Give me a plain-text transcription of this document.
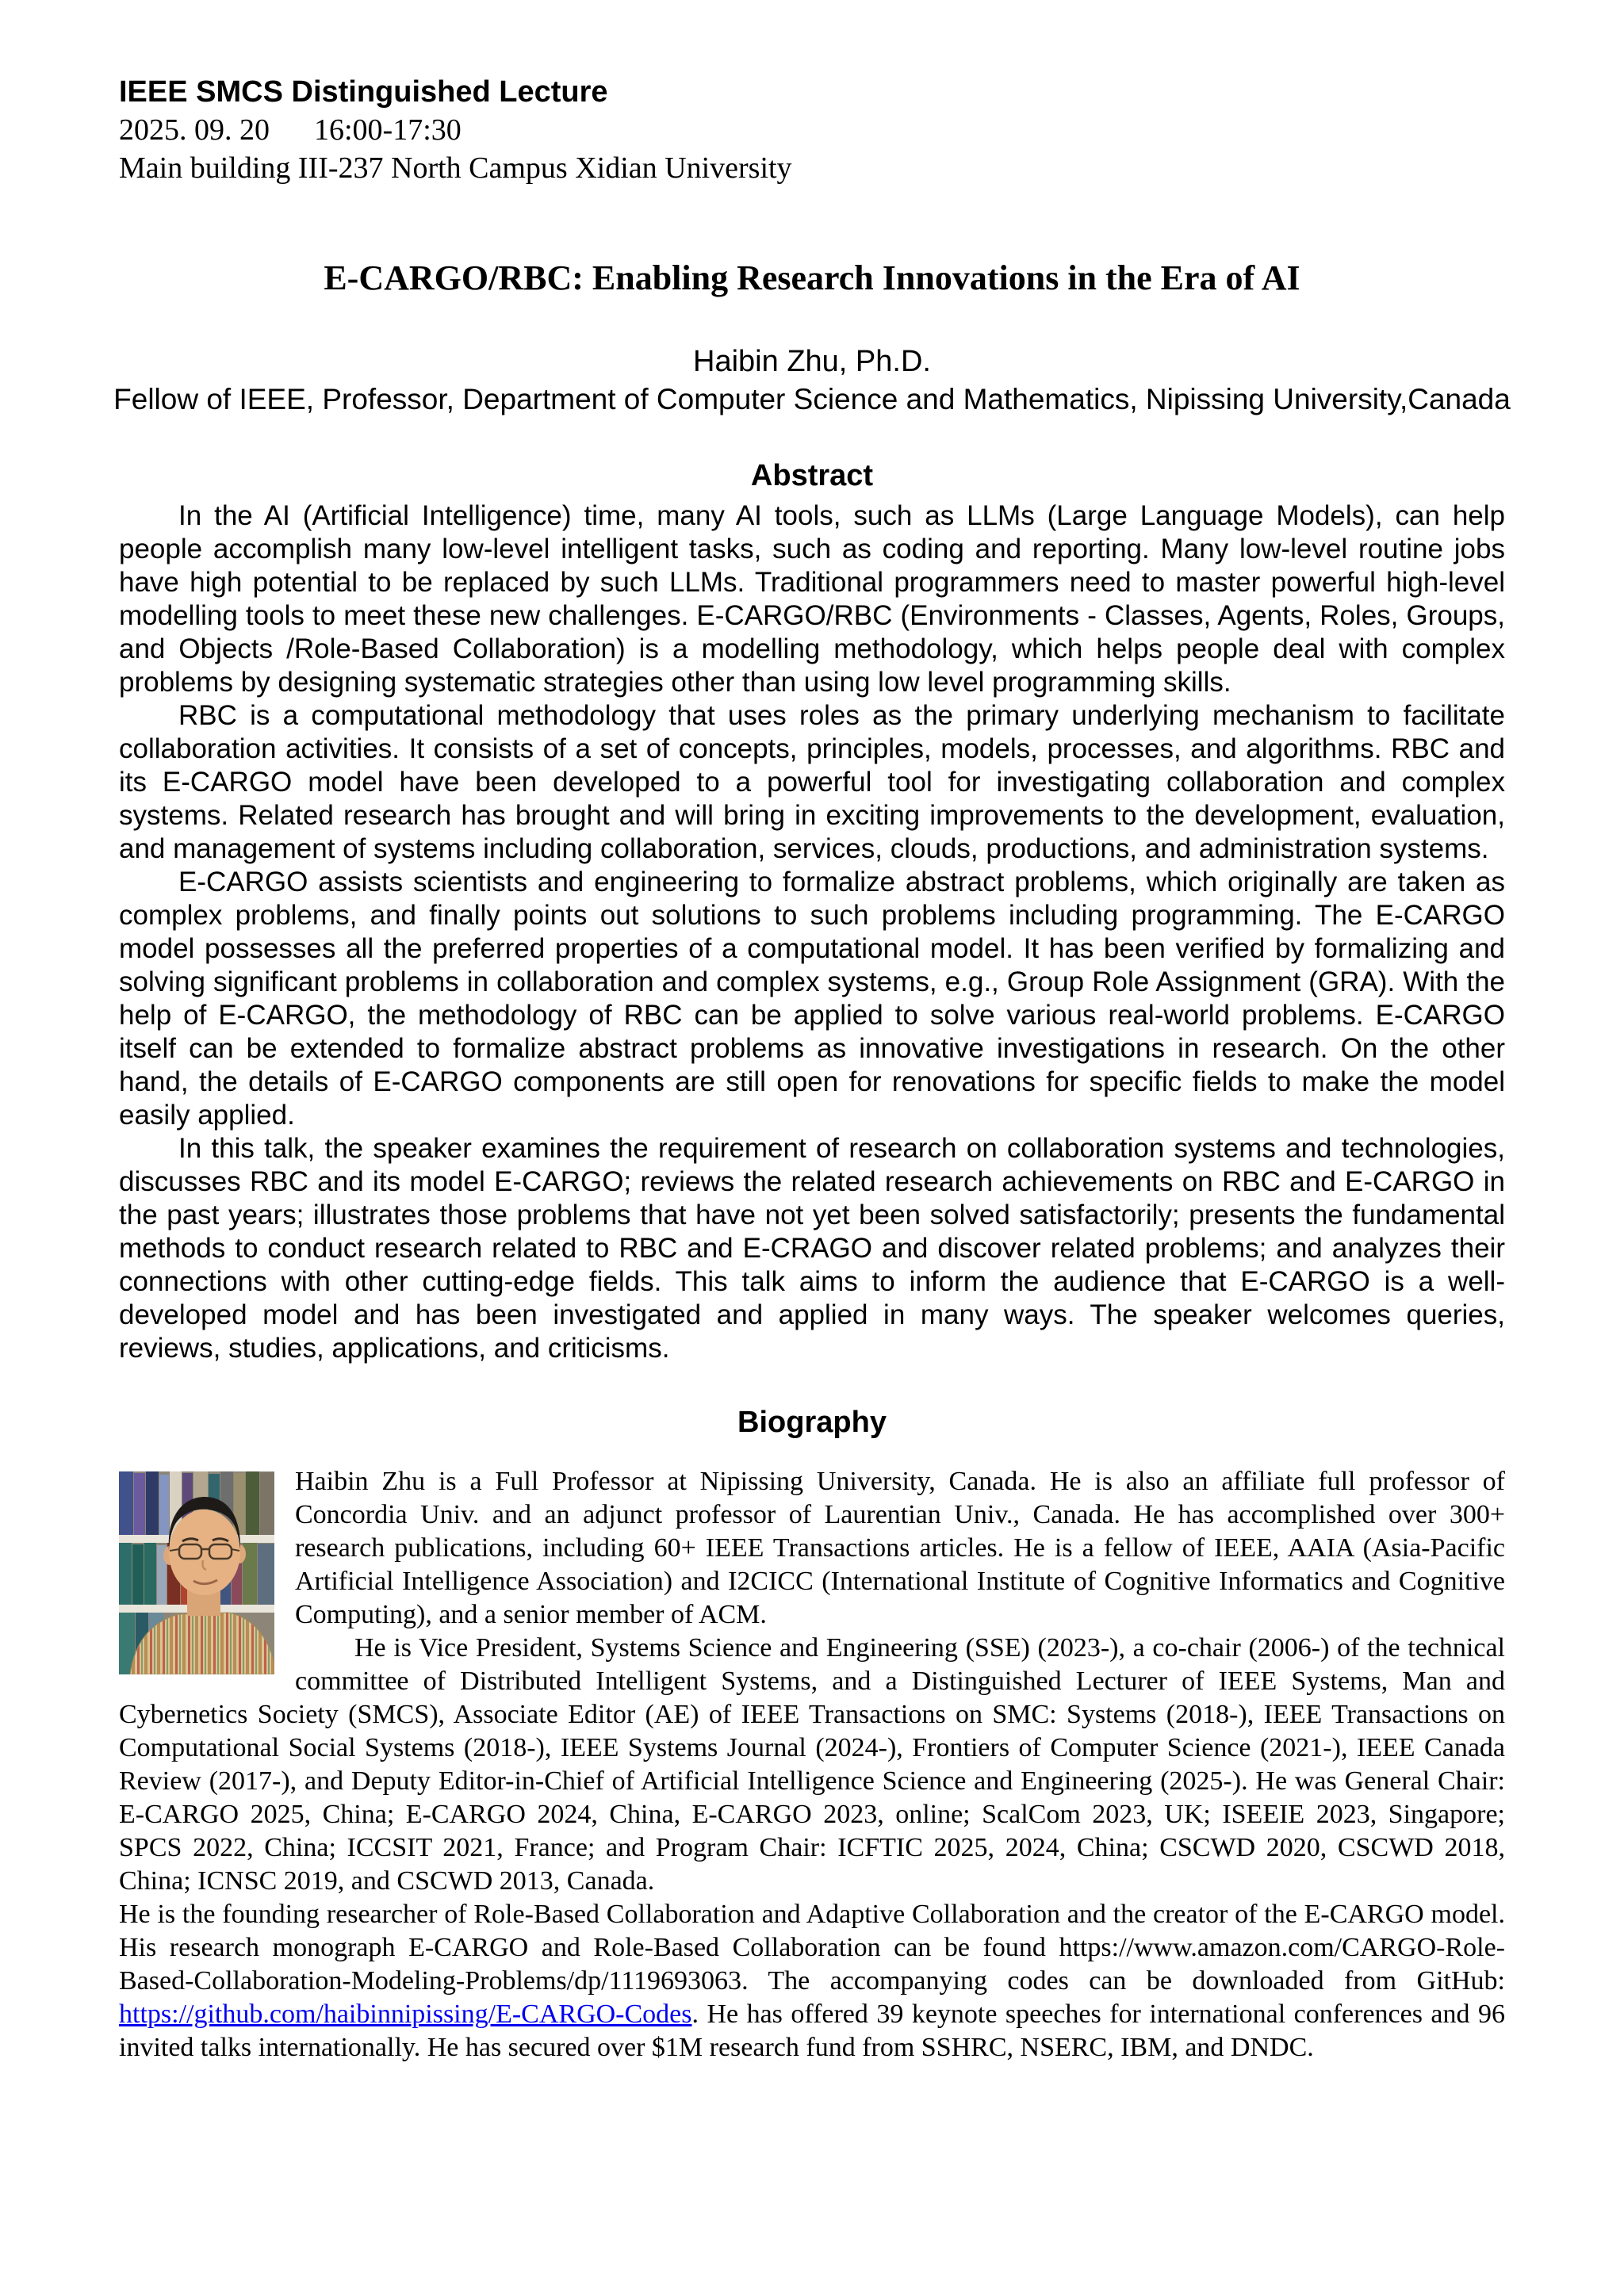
IEEE SMCS Distinguished Lecture
2025. 09. 20 16:00-17:30
Main building III-237 North Campus Xidian University
E-CARGO/RBC: Enabling Research Innovations in the Era of AI
Haibin Zhu, Ph.D.
Fellow of IEEE, Professor, Department of Computer Science and Mathematics, Nipissing University,Canada
Abstract

In the AI (Artificial Intelligence) time, many AI tools, such as LLMs (Large Language Models), can help people accomplish many low-level intelligent tasks, such as coding and reporting. Many low-level routine jobs have high potential to be replaced by such LLMs. Traditional programmers need to master powerful high-level modelling tools to meet these new challenges. E-CARGO/RBC (Environments - Classes, Agents, Roles, Groups, and Objects /Role-Based Collaboration) is a modelling methodology, which helps people deal with complex problems by designing systematic strategies other than using low level programming skills.

RBC is a computational methodology that uses roles as the primary underlying mechanism to facilitate collaboration activities. It consists of a set of concepts, principles, models, processes, and algorithms. RBC and its E-CARGO model have been developed to a powerful tool for investigating collaboration and complex systems. Related research has brought and will bring in exciting improvements to the development, evaluation, and management of systems including collaboration, services, clouds, productions, and administration systems.

E-CARGO assists scientists and engineering to formalize abstract problems, which originally are taken as complex problems, and finally points out solutions to such problems including programming. The E-CARGO model possesses all the preferred properties of a computational model. It has been verified by formalizing and solving significant problems in collaboration and complex systems, e.g., Group Role Assignment (GRA). With the help of E-CARGO, the methodology of RBC can be applied to solve various real-world problems. E-CARGO itself can be extended to formalize abstract problems as innovative investigations in research. On the other hand, the details of E-CARGO components are still open for renovations for specific fields to make the model easily applied.

In this talk, the speaker examines the requirement of research on collaboration systems and technologies, discusses RBC and its model E-CARGO; reviews the related research achievements on RBC and E-CARGO in the past years; illustrates those problems that have not yet been solved satisfactorily; presents the fundamental methods to conduct research related to RBC and E-CRAGO and discover related problems; and analyzes their connections with other cutting-edge fields. This talk aims to inform the audience that E-CARGO is a well-developed model and has been investigated and applied in many ways. The speaker welcomes queries, reviews, studies, applications, and criticisms.

Biography

Haibin Zhu is a Full Professor at Nipissing University, Canada. He is also an affiliate full professor of Concordia Univ. and an adjunct professor of Laurentian Univ., Canada. He has accomplished over 300+ research publications, including 60+ IEEE Transactions articles. He is a fellow of IEEE, AAIA (Asia-Pacific Artificial Intelligence Association) and I2CICC (International Institute of Cognitive Informatics and Cognitive Computing), and a senior member of ACM.

He is Vice President, Systems Science and Engineering (SSE) (2023-), a co-chair (2006-) of the technical committee of Distributed Intelligent Systems, and a Distinguished Lecturer of IEEE Systems, Man and Cybernetics Society (SMCS), Associate Editor (AE) of IEEE Transactions on SMC: Systems (2018-), IEEE Transactions on Computational Social Systems (2018-), IEEE Systems Journal (2024-), Frontiers of Computer Science (2021-), IEEE Canada Review (2017-), and Deputy Editor-in-Chief of Artificial Intelligence Science and Engineering (2025-). He was General Chair: E-CARGO 2025, China; E-CARGO 2024, China, E-CARGO 2023, online; ScalCom 2023, UK; ISEEIE 2023, Singapore; SPCS 2022, China; ICCSIT 2021, France; and Program Chair: ICFTIC 2025, 2024, China; CSCWD 2020, CSCWD 2018, China; ICNSC 2019, and CSCWD 2013, Canada.

He is the founding researcher of Role-Based Collaboration and Adaptive Collaboration and the creator of the E-CARGO model. His research monograph E-CARGO and Role-Based Collaboration can be found https://www.amazon.com/CARGO-Role-Based-Collaboration-Modeling-Problems/dp/1119693063. The accompanying codes can be downloaded from GitHub: https://github.com/haibinnipissing/E-CARGO-Codes. He has offered 39 keynote speeches for international conferences and 96 invited talks internationally. He has secured over $1M research fund from SSHRC, NSERC, IBM, and DNDC.
